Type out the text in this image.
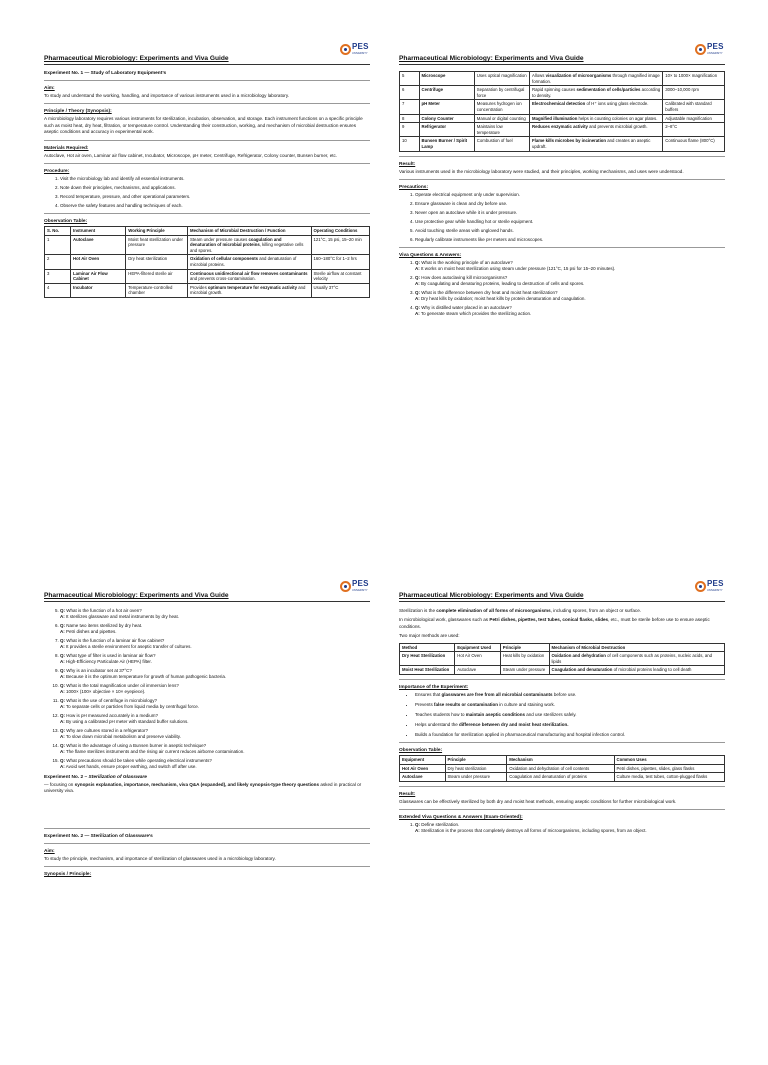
Pharmaceutical Microbiology: Experiments and Viva Guide
PES
UNIVERSITY
Experiment No. 1 — Study of Laboratory Equipment’s
Aim:

To study and understand the working, handling, and importance of various instruments used in a microbiology laboratory.

Principle / Theory (Synopsis):

A microbiology laboratory requires various instruments for sterilization, incubation, observation, and storage. Each instrument functions on a specific principle such as moist heat, dry heat, filtration, or temperature control. Understanding their construction, working, and mechanism of microbial destruction ensures aseptic conditions and accuracy in experimental work.

Materials Required:

Autoclave, Hot air oven, Laminar air flow cabinet, Incubator, Microscope, pH meter, Centrifuge, Refrigerator, Colony counter, Bunsen burner, etc.

Procedure:
1. Visit the microbiology lab and identify all essential instruments.
2. Note down their principles, mechanisms, and applications.
3. Record temperature, pressure, and other operational parameters.
4. Observe the safety features and handling techniques of each.
Observation Table:
S. No.	Instrument	Working Principle	Mechanism of Microbial Destruction / Function	Operating Conditions
1	Autoclave	Moist heat sterilization under pressure	Steam under pressure causes coagulation and denaturation of microbial proteins, killing vegetative cells and spores.	121°C, 15 psi, 15–20 min
2	Hot Air Oven	Dry heat sterilization	Oxidation of cellular components and denaturation of microbial proteins.	160–180°C for 1–2 hrs
3	Laminar Air Flow Cabinet	HEPA-filtered sterile air	Continuous unidirectional air flow removes contaminants and prevents cross-contamination.	Sterile airflow at constant velocity
4	Incubator	Temperature-controlled chamber	Provides optimum temperature for enzymatic activity and microbial growth.	Usually 37°C
Pharmaceutical Microbiology: Experiments and Viva Guide
PES
UNIVERSITY
5	Microscope	Uses optical magnification	Allows visualization of microorganisms through magnified image formation.	10× to 1000× magnification
6	Centrifuge	Separation by centrifugal force	Rapid spinning causes sedimentation of cells/particles according to density.	3000–10,000 rpm
7	pH Meter	Measures hydrogen ion concentration	Electrochemical detection of H⁺ ions using glass electrode.	Calibrated with standard buffers
8	Colony Counter	Manual or digital counting	Magnified illumination helps in counting colonies on agar plates.	Adjustable magnification
9	Refrigerator	Maintains low temperature	Reduces enzymatic activity and prevents microbial growth.	2–8°C
10	Bunsen Burner / Spirit Lamp	Combustion of fuel	Flame kills microbes by incineration and creates an aseptic updraft.	Continuous flame (800°C)
Result:

Various instruments used in the microbiology laboratory were studied, and their principles, working mechanisms, and uses were understood.

Precautions:
1. Operate electrical equipment only under supervision.
2. Ensure glassware is clean and dry before use.
3. Never open an autoclave while it is under pressure.
4. Use protective gear while handling hot or sterile equipment.
5. Avoid touching sterile areas with ungloved hands.
6. Regularly calibrate instruments like pH meters and microscopes.
Viva Questions & Answers:
1. Q: What is the working principle of an autoclave?
A: It works on moist heat sterilization using steam under pressure (121°C, 15 psi for 15–20 minutes).
2. Q: How does autoclaving kill microorganisms?
A: By coagulating and denaturing proteins, leading to destruction of cells and spores.
3. Q: What is the difference between dry heat and moist heat sterilization?
A: Dry heat kills by oxidation; moist heat kills by protein denaturation and coagulation.
4. Q: Why is distilled water placed in an autoclave?
A: To generate steam which provides the sterilizing action.
Pharmaceutical Microbiology: Experiments and Viva Guide
PES
UNIVERSITY
5. Q: What is the function of a hot air oven?
A: It sterilizes glassware and metal instruments by dry heat.
6. Q: Name two items sterilized by dry heat.
A: Petri dishes and pipettes.
7. Q: What is the function of a laminar air flow cabinet?
A: It provides a sterile environment for aseptic transfer of cultures.
8. Q: What type of filter is used in laminar air flow?
A: High-Efficiency Particulate Air (HEPA) filter.
9. Q: Why is an incubator set at 37°C?
A: Because it is the optimum temperature for growth of human pathogenic bacteria.
10. Q: What is the total magnification under oil immersion lens?
A: 1000× (100× objective × 10× eyepiece).
11. Q: What is the use of centrifuge in microbiology?
A: To separate cells or particles from liquid media by centrifugal force.
12. Q: How is pH measured accurately in a medium?
A: By using a calibrated pH meter with standard buffer solutions.
13. Q: Why are cultures stored in a refrigerator?
A: To slow down microbial metabolism and preserve viability.
14. Q: What is the advantage of using a Bunsen burner in aseptic technique?
A: The flame sterilizes instruments and the rising air current reduces airborne contamination.
15. Q: What precautions should be taken while operating electrical instruments?
A: Avoid wet hands, ensure proper earthing, and switch off after use.
Experiment No. 2 – Sterilization of Glassware

— focusing on synopsis explanation, importance, mechanism, viva Q&A (expanded), and likely synopsis-type theory questions asked in practical or university viva.

Experiment No. 2 — Sterilization of Glassware’s
Aim:

To study the principle, mechanism, and importance of sterilization of glasswares used in a microbiology laboratory.

Synopsis / Principle:
Pharmaceutical Microbiology: Experiments and Viva Guide
PES
UNIVERSITY

Sterilization is the complete elimination of all forms of microorganisms, including spores, from an object or surface.

In microbiological work, glasswares such as Petri dishes, pipettes, test tubes, conical flasks, slides, etc., must be sterile before use to ensure aseptic conditions.

Two major methods are used:

Method	Equipment Used	Principle	Mechanism of Microbial Destruction
Dry Heat Sterilization	Hot Air Oven	Heat kills by oxidation	Oxidation and dehydration of cell components such as proteins, nucleic acids, and lipids
Moist Heat Sterilization	Autoclave	Steam under pressure	Coagulation and denaturation of microbial proteins leading to cell death
Importance of the Experiment:
• Ensures that glasswares are free from all microbial contaminants before use.
• Prevents false results or contamination in culture and staining work.
• Teaches students how to maintain aseptic conditions and use sterilizers safely.
• Helps understand the difference between dry and moist heat sterilization.
• Builds a foundation for sterilization applied in pharmaceutical manufacturing and hospital infection control.
Observation Table:
Equipment	Principle	Mechanism	Common Uses
Hot Air Oven	Dry heat sterilization	Oxidation and dehydration of cell contents	Petri dishes, pipettes, slides, glass flasks
Autoclave	Steam under pressure	Coagulation and denaturation of proteins	Culture media, test tubes, cotton-plugged flasks
Result:

Glasswares can be effectively sterilized by both dry and moist heat methods, ensuring aseptic conditions for further microbiological work.

Extended Viva Questions & Answers (Exam-Oriented):
1. Q: Define sterilization.
A: Sterilization is the process that completely destroys all forms of microorganisms, including spores, from an object.
